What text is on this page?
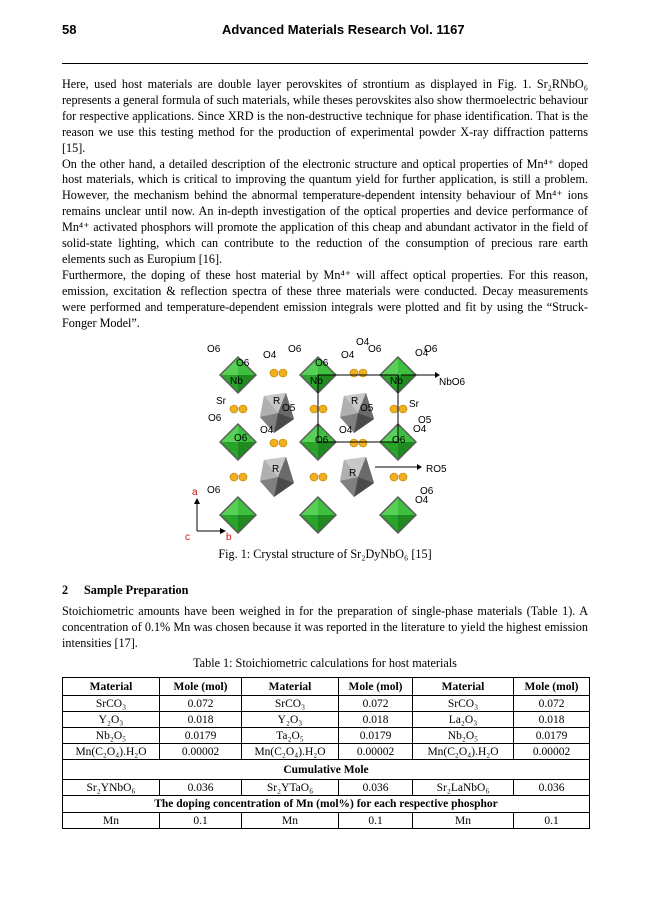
58	Advanced Materials Research Vol. 1167

Here, used host materials are double layer perovskites of strontium as displayed in Fig. 1. Sr₂RNbO₆ represents a general formula of such materials, while theses perovskites also show thermoelectric behaviour for respective applications. Since XRD is the non-destructive technique for phase identification. That is the reason we use this testing method for the production of experimental powder X-ray diffraction patterns [15].

On the other hand, a detailed description of the electronic structure and optical properties of Mn⁴⁺ doped host materials, which is critical to improving the quantum yield for further application, is still a problem. However, the mechanism behind the abnormal temperature-dependent intensity behaviour of Mn⁴⁺ ions remains unclear until now. An in-depth investigation of the optical properties and device performance of Mn⁴⁺ activated phosphors will promote the application of this cheap and abundant activator in the field of solid-state lighting, which can contribute to the reduction of the consumption of precious rare earth elements such as Europium [16].

Furthermore, the doping of these host material by Mn⁴⁺ will affect optical properties. For this reason, emission, excitation & reflection spectra of these three materials were conducted. Decay measurements were performed and temperature-dependent emission integrals were plotted and fit by using the “Struck-Fonger Model”.

O6
O4
O6
O4
O4
O6	O4
O6
O6
Nb
O6
Nb	Nb	NbO6
Sr	R
O5
R
O5	Sr
O6	O5
O4	O4	O4
O6	O6	O6
R	R	RO5
O6	O6
O4
a
c	b
Fig. 1: Crystal structure of Sr₂DyNbO₆ [15]
2 Sample Preparation
Stoichiometric amounts have been weighed in for the preparation of single-phase materials (Table 1). A concentration of 0.1% Mn was chosen because it was reported in the literature to yield the highest emission intensities [17].
Table 1: Stoichiometric calculations for host materials
Material	Mole (mol)	Material	Mole (mol)	Material	Mole (mol)
SrCO₃	0.072	SrCO₃	0.072	SrCO₃	0.072
Y₂O₃	0.018	Y₂O₃	0.018	La₂O₃	0.018
Nb₂O₅	0.0179	Ta₂O₅	0.0179	Nb₂O₅	0.0179
Mn(C₂O₄).H₂O	0.00002	Mn(C₂O₄).H₂O	0.00002	Mn(C₂O₄).H₂O	0.00002
Cumulative Mole					
Sr₂YNbO₆	0.036	Sr₂YTaO₆	0.036	Sr₂LaNbO₆	0.036
The doping concentration of Mn (mol%) for each respective phosphor					
Mn	0.1	Mn	0.1	Mn	0.1
